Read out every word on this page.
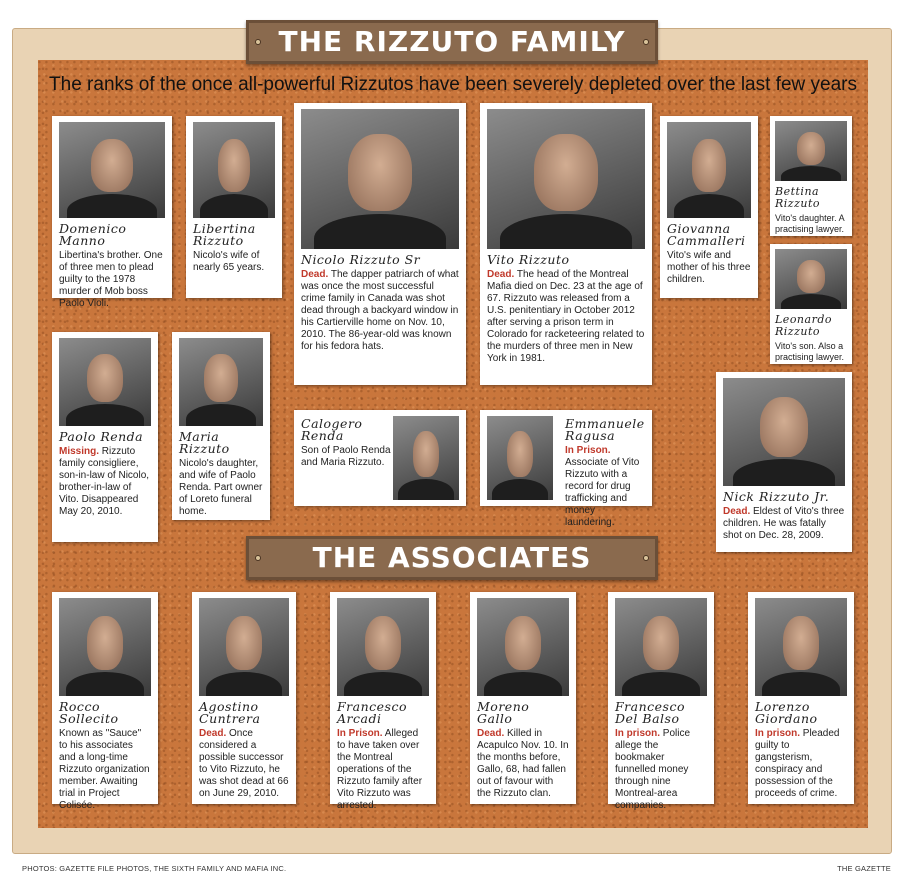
THE RIZZUTO FAMILY
The ranks of the once all-powerful Rizzutos have been severely depleted over the last few years
THE ASSOCIATES
Domenico Manno
Libertina's brother. One of three men to plead guilty to the 1978 murder of Mob boss Paolo Violi.
Libertina Rizzuto
Nicolo's wife of nearly 65 years.
Nicolo Rizzuto Sr
Dead. The dapper patriarch of what was once the most successful crime family in Canada was shot dead through a backyard window in his Cartierville home on Nov. 10, 2010. The 86-year-old was known for his fedora hats.
Vito Rizzuto
Dead. The head of the Montreal Mafia died on Dec. 23 at the age of 67. Rizzuto was released from a U.S. penitentiary in October 2012 after serving a prison term in Colorado for racketeering related to the murders of three men in New York in 1981.
Giovanna Cammalleri
Vito's wife and mother of his three children.
Bettina Rizzuto
Vito's daughter. A practising lawyer.
Leonardo Rizzuto
Vito's son. Also a practising lawyer.
Paolo Renda
Missing. Rizzuto family consigliere, son-in-law of Nicolo, brother-in-law of Vito. Disappeared May 20, 2010.
Maria Rizzuto
Nicolo's daughter, and wife of Paolo Renda. Part owner of Loreto funeral home.
Calogero Renda
Son of Paolo Renda and Maria Rizzuto.
Emmanuele Ragusa
In Prison. Associate of Vito Rizzuto with a record for drug trafficking and money laundering.
Nick Rizzuto Jr.
Dead. Eldest of Vito's three children. He was fatally shot on Dec. 28, 2009.
Rocco Sollecito
Known as "Sauce" to his associates and a long-time Rizzuto organization member. Awaiting trial in Project Colisée.
Agostino Cuntrera
Dead. Once considered a possible successor to Vito Rizzuto, he was shot dead at 66 on June 29, 2010.
Francesco Arcadi
In Prison. Alleged to have taken over the Montreal operations of the Rizzuto family after Vito Rizzuto was arrested.
Moreno Gallo
Dead. Killed in Acapulco Nov. 10. In the months before, Gallo, 68, had fallen out of favour with the Rizzuto clan.
Francesco Del Balso
In prison. Police allege the bookmaker funnelled money through nine Montreal-area companies.
Lorenzo Giordano
In prison. Pleaded guilty to gangsterism, conspiracy and possession of the proceeds of crime.
PHOTOS: GAZETTE FILE PHOTOS, THE SIXTH FAMILY AND MAFIA INC.	THE GAZETTE
